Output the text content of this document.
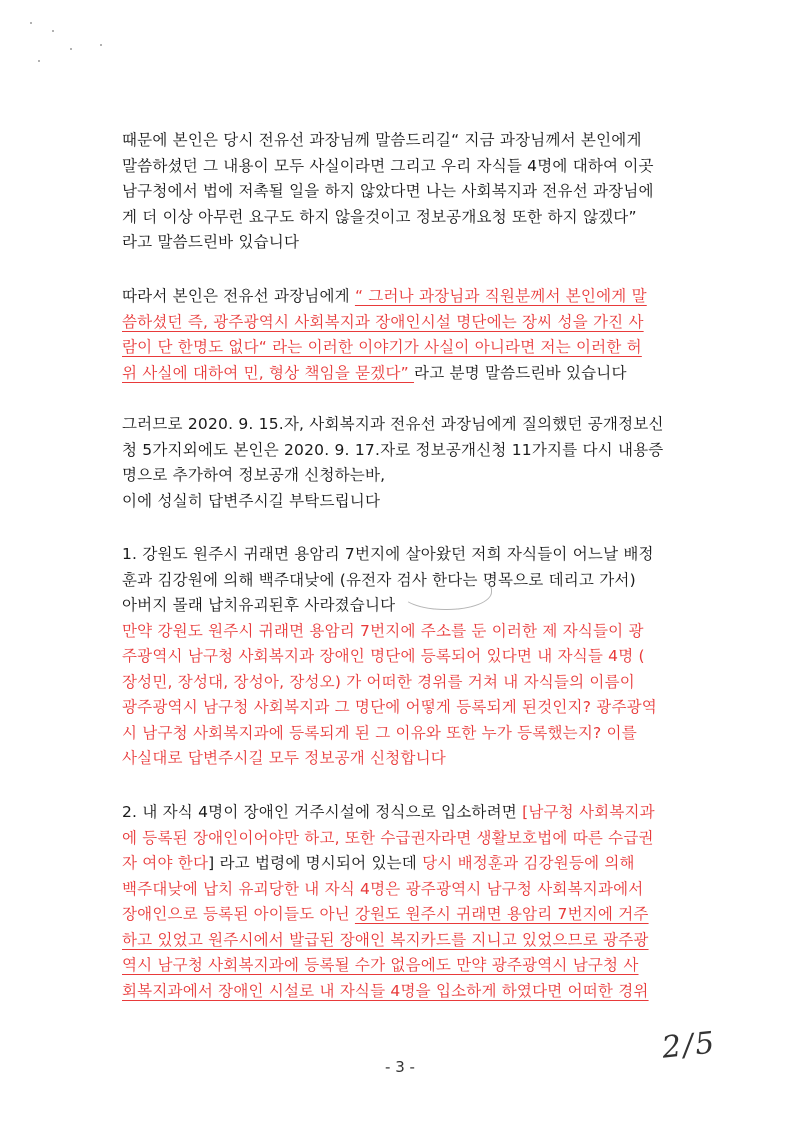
때문에 본인은 당시 전유선 과장님께 말씀드리길“ 지금 과장님께서 본인에게
말씀하셨던 그 내용이 모두 사실이라면 그리고 우리 자식들 4명에 대하여 이곳
남구청에서 법에 저촉될 일을 하지 않았다면 나는 사회복지과 전유선 과장님에
게 더 이상 아무런 요구도 하지 않을것이고 정보공개요청 또한 하지 않겠다”
라고 말씀드린바 있습니다
따라서 본인은 전유선 과장님에게 “ 그러나 과장님과 직원분께서 본인에게 말
씀하셨던 즉, 광주광역시 사회복지과 장애인시설 명단에는 장씨 성을 가진 사
람이 단 한명도 없다“ 라는 이러한 이야기가 사실이 아니라면 저는 이러한 허
위 사실에 대하여 민, 형상 책임을 묻겠다” 라고 분명 말씀드린바 있습니다
그러므로 2020. 9. 15.자, 사회복지과 전유선 과장님에게 질의했던 공개정보신
청 5가지외에도 본인은 2020. 9. 17.자로 정보공개신청 11가지를 다시 내용증
명으로 추가하여 정보공개 신청하는바,
이에 성실히 답변주시길 부탁드립니다
1. 강원도 원주시 귀래면 용암리 7번지에 살아왔던 저희 자식들이 어느날 배정
훈과 김강원에 의해 백주대낮에 (유전자 검사 한다는 명목으로 데리고 가서)
아버지 몰래 납치유괴된후 사라졌습니다
만약 강원도 원주시 귀래면 용암리 7번지에 주소를 둔 이러한 제 자식들이 광
주광역시 남구청 사회복지과 장애인 명단에 등록되어 있다면 내 자식들 4명 (
장성민, 장성대, 장성아, 장성오) 가 어떠한 경위를 거쳐 내 자식들의 이름이
광주광역시 남구청 사회복지과 그 명단에 어떻게 등록되게 된것인지? 광주광역
시 남구청 사회복지과에 등록되게 된 그 이유와 또한 누가 등록했는지? 이를
사실대로 답변주시길 모두 정보공개 신청합니다
2. 내 자식 4명이 장애인 거주시설에 정식으로 입소하려면 [남구청 사회복지과
에 등록된 장애인이어야만 하고, 또한 수급권자라면 생활보호법에 따른 수급권
자 여야 한다] 라고 법령에 명시되어 있는데 당시 배정훈과 김강원등에 의해
백주대낮에 납치 유괴당한 내 자식 4명은 광주광역시 남구청 사회복지과에서
장애인으로 등록된 아이들도 아닌 강원도 원주시 귀래면 용암리 7번지에 거주
하고 있었고 원주시에서 발급된 장애인 복지카드를 지니고 있었으므로 광주광
역시 남구청 사회복지과에 등록될 수가 없음에도 만약 광주광역시 남구청 사
회복지과에서 장애인 시설로 내 자식들 4명을 입소하게 하였다면 어떠한 경위
- 3 -
2/5
